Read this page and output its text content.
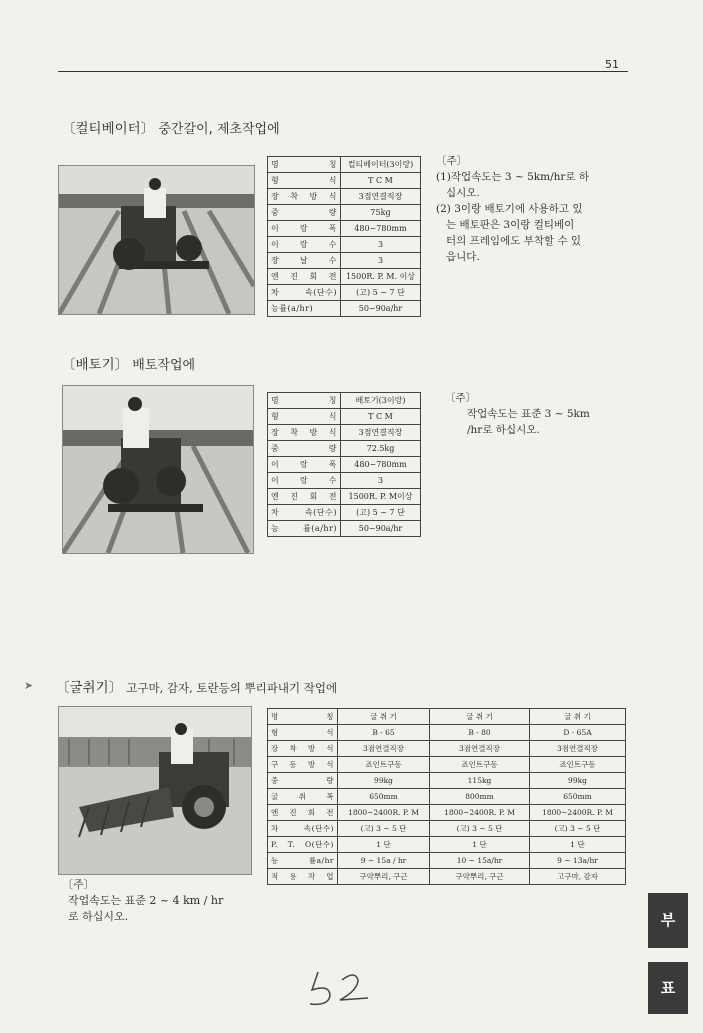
51
〔컬티베이터〕 중간갈이, 제초작업에
명 칭	컬티베이터(3이랑)
형 식	T C M
장 착 방 식	3점연결직장
중 량	75kg
이 랑 폭	480~780mm
이 랑 수	3
장 날 수	3
엔 진 회 전	1500R. P. M. 이상
차 속(단수)	(고) 5 ~ 7 단
능률(a/hr)	50~90a/hr
〔주〕
(1)작업속도는 3 ~ 5km/hr로 하
십시오.
(2) 3이랑 배토기에 사용하고 있
는 배토판은 3이랑 컬티베이
터의 프레임에도 부착할 수 있
읍니다.
〔배토기〕 배토작업에
명 칭	배토기(3이랑)
형 식	T C M
장 착 방 식	3점연결직장
중 량	72.5kg
이 랑 폭	480~780mm
이 랑 수	3
엔 진 회 전	1500R. P. M이상
차 속(단수)	(고) 5 ~ 7 단
능 률(a/hr)	50~90a/hr
〔주〕
작업속도는 표준 3 ~ 5km
/hr로 하십시오.
➤ 〔굴취기〕 고구마, 감자, 토란등의 뿌리파내기 작업에
〔주〕
작업속도는 표준 2 ~ 4 km / hr
로 하십시오.
명 칭	굴 취 기	굴 취 기	굴 취 기
형 식	B - 65	B - 80	D - 65A
장 착 방 식	3점연결직장	3점연결직장	3점연결직장
구 동 방 식	죠인트구동	죠인트구동	죠인트구동
중 량	99kg	115kg	99kg
굴 취 폭	650mm	800mm	650mm
엔 진 회 전	1800~2400R. P. M	1800~2400R. P. M	1800~2400R. P. M
차 속(단수)	(고) 3 ~ 5 단	(고) 3 ~ 5 단	(고) 3 ~ 5 단
P. T. O(단수)	1 단	1 단	1 단
능 률a/hr	9 ~ 15a / hr	10 ~ 15a/hr	9 ~ 13a/hr
적 용 작 업	구약뿌리, 구근	구약뿌리, 구근	고구마, 감자
부
표
